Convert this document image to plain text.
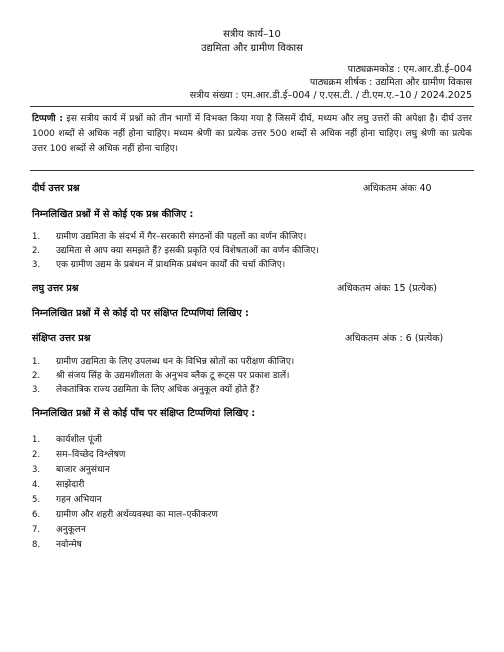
सत्रीय कार्य–10
उद्यमिता और ग्रामीण विकास
पाठ्यक्रमकोड : एम.आर.डी.ई–004
पाठ्यक्रम शीर्षक : उद्यमिता और ग्रामीण विकास
सत्रीय संख्या : एम.आर.डी.ई–004 / ए.एस.टी. / टी.एम.ए.–10 / 2024.2025
टिप्पणी : इस सत्रीय कार्य में प्रश्नों को तीन भागों में विभक्त किया गया है जिसमें दीर्घ, मध्यम और लघु उत्तरों की अपेक्षा है। दीर्घ उत्तर 1000 शब्दों से अधिक नहीं होना चाहिए। मध्यम श्रेणी का प्रत्येक उत्तर 500 शब्दों से अधिक नहीं होना चाहिए। लघु श्रेणी का प्रत्येक उत्तर 100 शब्दों से अधिक नहीं होना चाहिए।
दीर्घ उत्तर प्रश्न	अधिकतम अंकः 40
निम्नलिखित प्रश्नों में से कोई एक प्रश्न कीजिए :
1. ग्रामीण उद्यमिता के संदर्भ में गैर–सरकारी संगठनों की पहलों का वर्णन कीजिए।
2. उद्यमिता से आप क्या समझते हैं? इसकी प्रकृति एवं विशेषताओं का वर्णन कीजिए।
3. एक ग्रामीण उद्यम के प्रबंधन में प्राथमिक प्रबंधन कार्यों की चर्चा कीजिए।
लघु उत्तर प्रश्न	अधिकतम अंकः 15 (प्रत्येक)
निम्नलिखित प्रश्नों में से कोई दो पर संक्षिप्त टिप्पणियां लिखिए :
संक्षिप्त उत्तर प्रश्न	अधिकतम अंक : 6 (प्रत्येक)
1. ग्रामीण उद्यमिता के लिए उपलब्ध धन के विभिन्न स्रोतों का परीक्षण कीजिए।
2. श्री संजय सिंह के उद्यमशीलता के अनुभव ब्लैक टू रूट्स पर प्रकाश डालें।
3. लेकतांत्रिक राज्य उद्यमिता के लिए अधिक अनुकूल क्यों होते हैं?
निम्नलिखित प्रश्नों में से कोई पाँच पर संक्षिप्त टिप्पणियां लिखिए :
1. कार्यशील पूंजी
2. सम–विच्छेद विश्लेषण
3. बाजार अनुसंधान
4. साझेदारी
5. गहन अभियान
6. ग्रामीण और शहरी अर्थव्यवस्था का माल–एकीकरण
7. अनुकूलन
8. नवोन्मेष
